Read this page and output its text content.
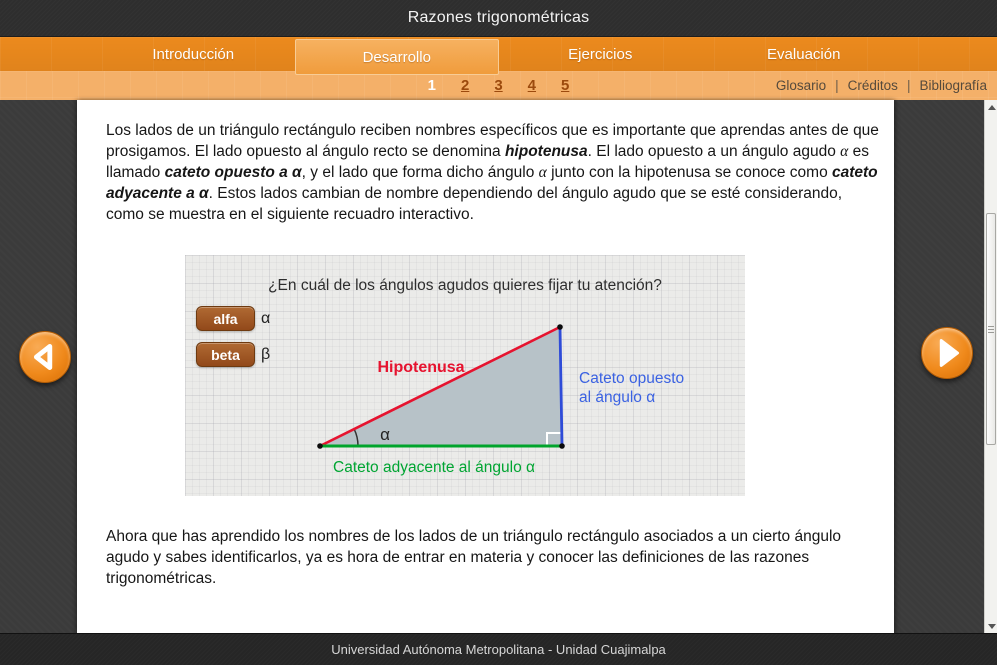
Razones trigonométricas
Introducción	Desarrollo	Ejercicios	Evaluación
1 2 3 4 5	Glosario | Créditos | Bibliografía

Los lados de un triángulo rectángulo reciben nombres específicos que es importante que aprendas antes de que prosigamos. El lado opuesto al ángulo recto se denomina hipotenusa. El lado opuesto a un ángulo agudo α es llamado cateto opuesto a α, y el lado que forma dicho ángulo α junto con la hipotenusa se conoce como cateto adyacente a α. Estos lados cambian de nombre dependiendo del ángulo agudo que se esté considerando, como se muestra en el siguiente recuadro interactivo.

¿En cuál de los ángulos agudos quieres fijar tu atención?
alfa	α
beta	β
Hipotenusa
Cateto opuesto
al ángulo α
Cateto adyacente al ángulo α
α

Ahora que has aprendido los nombres de los lados de un triángulo rectángulo asociados a un cierto ángulo agudo y sabes identificarlos, ya es hora de entrar en materia y conocer las definiciones de las razones trigonométricas.

Universidad Autónoma Metropolitana - Unidad Cuajimalpa
